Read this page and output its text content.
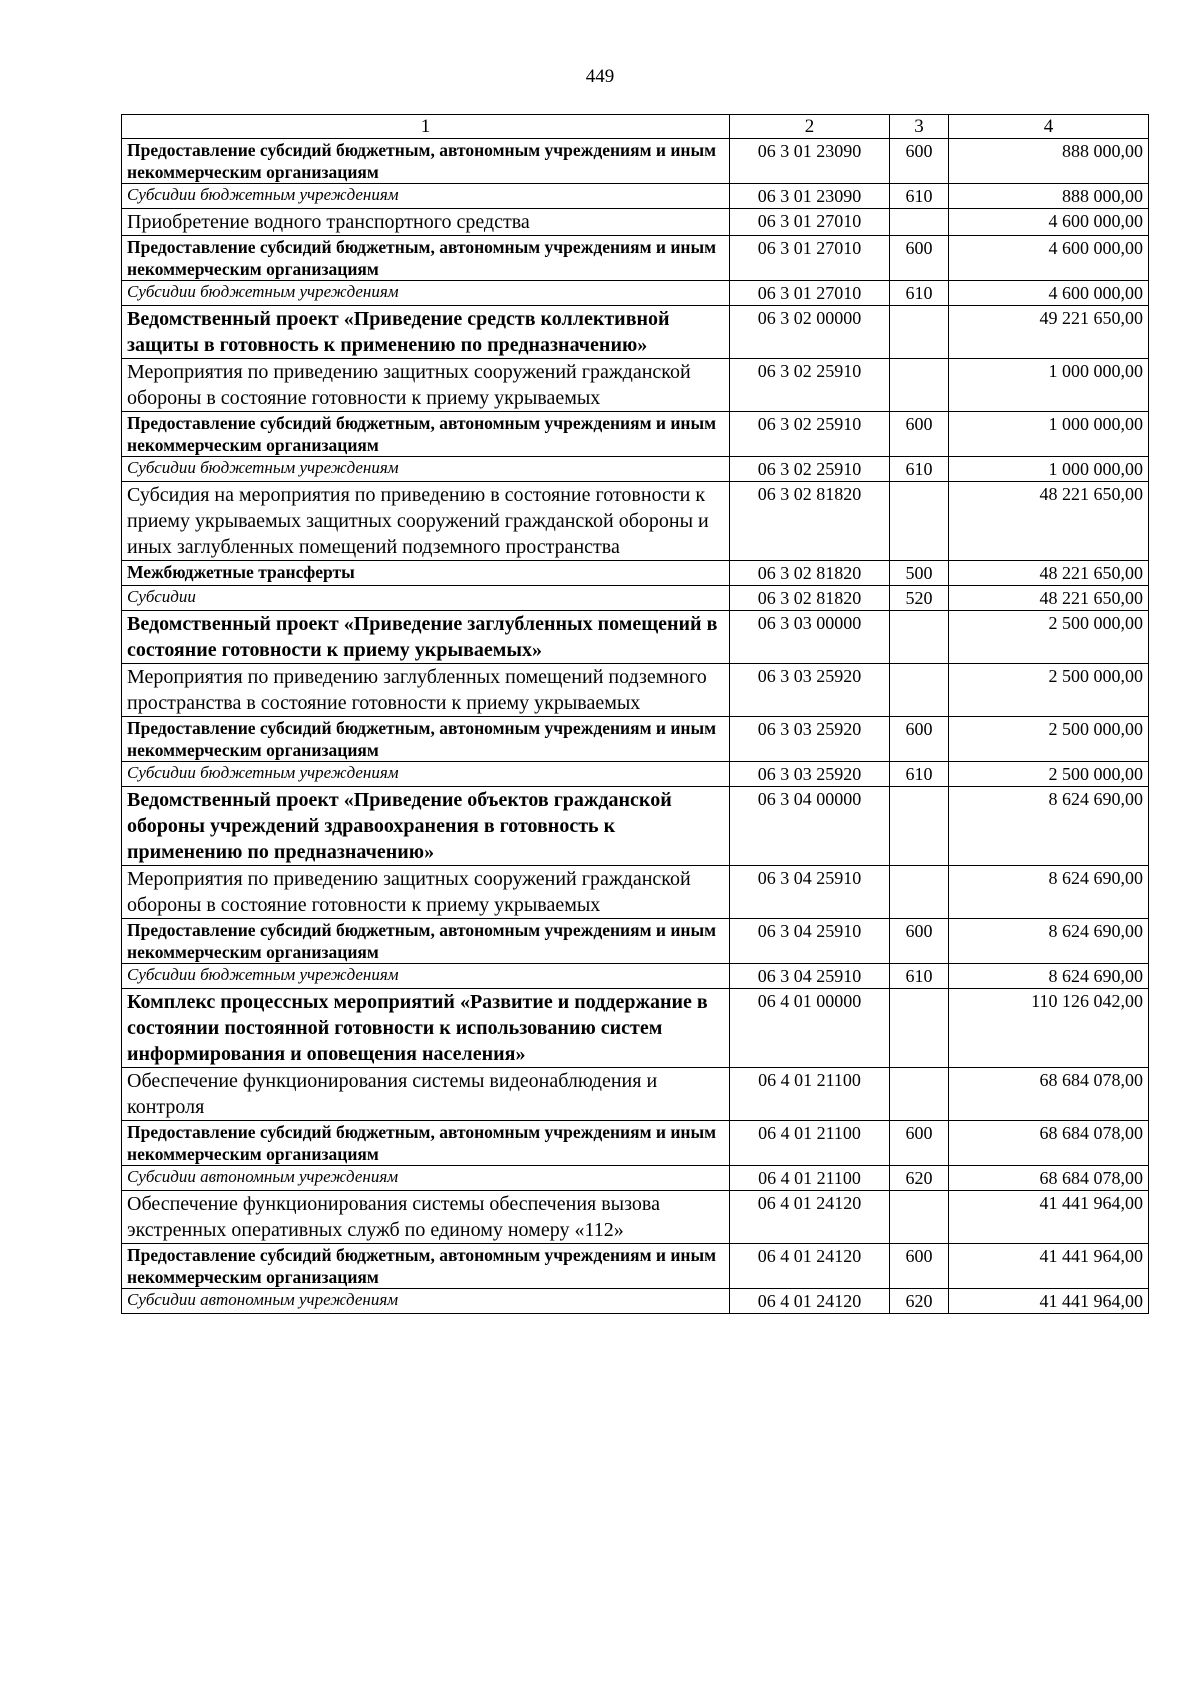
449
1	2	3	4
Предоставление субсидий бюджетным, автономным учреждениям и иным некоммерческим организациям	06 3 01 23090	600	888 000,00
Субсидии бюджетным учреждениям	06 3 01 23090	610	888 000,00
Приобретение водного транспортного средства	06 3 01 27010		4 600 000,00
Предоставление субсидий бюджетным, автономным учреждениям и иным некоммерческим организациям	06 3 01 27010	600	4 600 000,00
Субсидии бюджетным учреждениям	06 3 01 27010	610	4 600 000,00
Ведомственный проект «Приведение средств коллективной защиты в готовность к применению по предназначению»	06 3 02 00000		49 221 650,00
Мероприятия по приведению защитных сооружений гражданской обороны в состояние готовности к приему укрываемых	06 3 02 25910		1 000 000,00
Предоставление субсидий бюджетным, автономным учреждениям и иным некоммерческим организациям	06 3 02 25910	600	1 000 000,00
Субсидии бюджетным учреждениям	06 3 02 25910	610	1 000 000,00
Субсидия на мероприятия по приведению в состояние готовности к приему укрываемых защитных сооружений гражданской обороны и иных заглубленных помещений подземного пространства	06 3 02 81820		48 221 650,00
Межбюджетные трансферты	06 3 02 81820	500	48 221 650,00
Субсидии	06 3 02 81820	520	48 221 650,00
Ведомственный проект «Приведение заглубленных помещений в состояние готовности к приему укрываемых»	06 3 03 00000		2 500 000,00
Мероприятия по приведению заглубленных помещений подземного пространства в состояние готовности к приему укрываемых	06 3 03 25920		2 500 000,00
Предоставление субсидий бюджетным, автономным учреждениям и иным некоммерческим организациям	06 3 03 25920	600	2 500 000,00
Субсидии бюджетным учреждениям	06 3 03 25920	610	2 500 000,00
Ведомственный проект «Приведение объектов гражданской обороны учреждений здравоохранения в готовность к применению по предназначению»	06 3 04 00000		8 624 690,00
Мероприятия по приведению защитных сооружений гражданской обороны в состояние готовности к приему укрываемых	06 3 04 25910		8 624 690,00
Предоставление субсидий бюджетным, автономным учреждениям и иным некоммерческим организациям	06 3 04 25910	600	8 624 690,00
Субсидии бюджетным учреждениям	06 3 04 25910	610	8 624 690,00
Комплекс процессных мероприятий «Развитие и поддержание в состоянии постоянной готовности к использованию систем информирования и оповещения населения»	06 4 01 00000		110 126 042,00
Обеспечение функционирования системы видеонаблюдения и контроля	06 4 01 21100		68 684 078,00
Предоставление субсидий бюджетным, автономным учреждениям и иным некоммерческим организациям	06 4 01 21100	600	68 684 078,00
Субсидии автономным учреждениям	06 4 01 21100	620	68 684 078,00
Обеспечение функционирования системы обеспечения вызова экстренных оперативных служб по единому номеру «112»	06 4 01 24120		41 441 964,00
Предоставление субсидий бюджетным, автономным учреждениям и иным некоммерческим организациям	06 4 01 24120	600	41 441 964,00
Субсидии автономным учреждениям	06 4 01 24120	620	41 441 964,00
